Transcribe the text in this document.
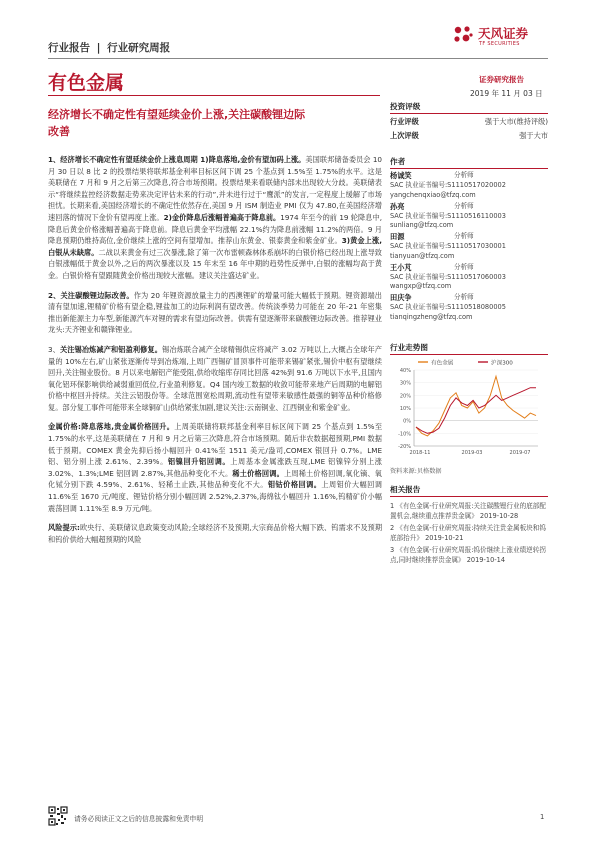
行业报告 | 行业研究周报
天风证券
TF SECURITIES
有色金属	证券研究报告
2019 年 11 月 03 日
经济增长不确定性有望延续金价上涨,关注碳酸锂边际
改善
投资评级
行业评级	强于大市(维持评级)
上次评级	强于大市
作者
杨诚笑	分析师
SAC 执业证书编号:S1110517020002
yangchenqxiao@tfzq.com
孙亮	分析师
SAC 执业证书编号:S1110516110003
sunliang@tfzq.com
田源	分析师
SAC 执业证书编号:S1110517030001
tianyuan@tfzq.com
王小芃	分析师
SAC 执业证书编号:S1110517060003
wangxp@tfzq.com
田庆争	分析师
SAC 执业证书编号:S1110518080005
tianqingzheng@tfzq.com
行业走势图
有色金属	沪深300
40%
30%
20%
10%
0%
-10%
-20%
2018-11	2019-03	2019-07
资料来源:贝格数据
相关报告
1 《有色金属-行业研究周报:关注碳酸锂行业的底部配置机会,继续重点推荐贵金属》 2019-10-28
2 《有色金属-行业研究周报:持续关注贵金属板块和钨底部抬升》 2019-10-21
3 《有色金属-行业研究周报:钨价继续上涨业绩逆转拐点,同时继续推荐贵金属》 2019-10-14

1、经济增长不确定性有望延续金价上涨息周期 1)降息落地,金价有望加码上涨。美国联邦储备委员会 10 月 30 日以 8 比 2 的投票结果将联邦基金利率目标区间下调 25 个基点到 1.5%至 1.75%的水平。这是美联储在 7 月和 9 月之后第三次降息,符合市场预期。投票结果来看联储内部未出现较大分歧。美联储表示“将继续监控经济数据走势来决定评估未来的行动”,并未进行过于“鹰派”的发言,一定程度上缓解了市场担忧。长期来看,美国经济增长的不确定性依然存在,美国 9 月 ISM 制造业 PMI 仅为 47.80,在美国经济增速回落的情况下金价有望再度上涨。2)金价降息后涨幅普遍高于降息前。1974 年至今的前 19 轮降息中,降息后黄金价格涨幅普遍高于降息前。降息后黄金平均涨幅 22.1%约为降息前涨幅 11.2%的两倍。9 月降息预期仍维持高位,金价继续上涨的空间有望增加。推荐山东黄金、银泰黄金和紫金矿业。3)黄金上涨,白银从未缺席。二战以来黄金有过三次暴涨,除了第一次布雷顿森林体系崩坏的白银价格已经出现上涨导致白银涨幅低于黄金以外,之后的两次暴涨以及 15 年末至 16 年中期的趋势性反弹中,白银的涨幅均高于黄金。白银价格有望跟随黄金价格出现较大涨幅。建议关注盛达矿业。

2、关注碳酸锂边际改善。作为 20 年锂资源放量主力的西澳锂矿的增量可能大幅低于预期。锂资源端出清有望加速,锂精矿价格有望企稳,锂盐加工的边际利润有望改善。传统淡季势力可能在 20 年-21 年密集推出新能源主力车型,新能源汽车对锂的需求有望边际改善。供需有望逐渐带来碳酸锂边际改善。推荐锂业龙头:天齐锂业和赣锋锂业。

3、关注锡冶炼减产和铝盈利修复。锡冶炼联合减产全球精锡供应将减产 3.02 万吨以上,大概占全球年产量的 10%左右,矿山紧张逐渐传导到冶炼端,上周广西锡矿冒顶事件可能带来锡矿紧张,锡价中枢有望继续回升,关注锡业股份。8 月以来电解铝产能受阻,供给收缩库存同比回落 42%到 91.6 万吨以下水平,且国内氧化铝环保影响供给减弱重回低位,行业盈利修复。Q4 国内竣工数据的收敛可能带来地产后周期的电解铝价格中枢回升持续。关注云铝股份等。全球范围宽松周期,流动性有望带来敏感性最强的铜等品种价格修复。部分复工事件可能带来全球铜矿山供给紧张加剧,建议关注:云南铜业、江西铜业和紫金矿业。

金属价格:降息落地,贵金属价格回升。上周美联储将联邦基金利率目标区间下调 25 个基点到 1.5%至 1.75%的水平,这是美联储在 7 月和 9 月之后第三次降息,符合市场预期。随后非农数据超预期,PMI 数据低于预期。COMEX 黄金先抑后扬小幅回升 0.41%至 1511 美元/盎司,COMEX 银回升 0.7%。LME 铝、铝分别上涨 2.61%、2.39%。铝镍回升铝回调。上周基本金属涨跌互现,LME 铝镍锌分别上涨 3.02%、1.3%;LME 铝回调 2.87%,其他品种变化不大。稀土价格回调。上周稀土价格回调,氧化镝、氧化铽分别下跌 4.59%、2.61%、轻稀土止跌,其他品种变化不大。钼钴价格回调。上周钼价大幅回调 11.6%至 1670 元/吨度、锂钴价格分别小幅回调 2.52%,2.37%,海绵钛小幅回升 1.16%,钨精矿价小幅震荡回调 1.11%至 8.9 万元/吨。

风险提示:欧央行、美联储议息政策变动风险;全球经济不及预期,大宗商品价格大幅下跌、钨需求不及预期和钨价供给大幅超预期的风险

请务必阅读正文之后的信息披露和免责申明	1
